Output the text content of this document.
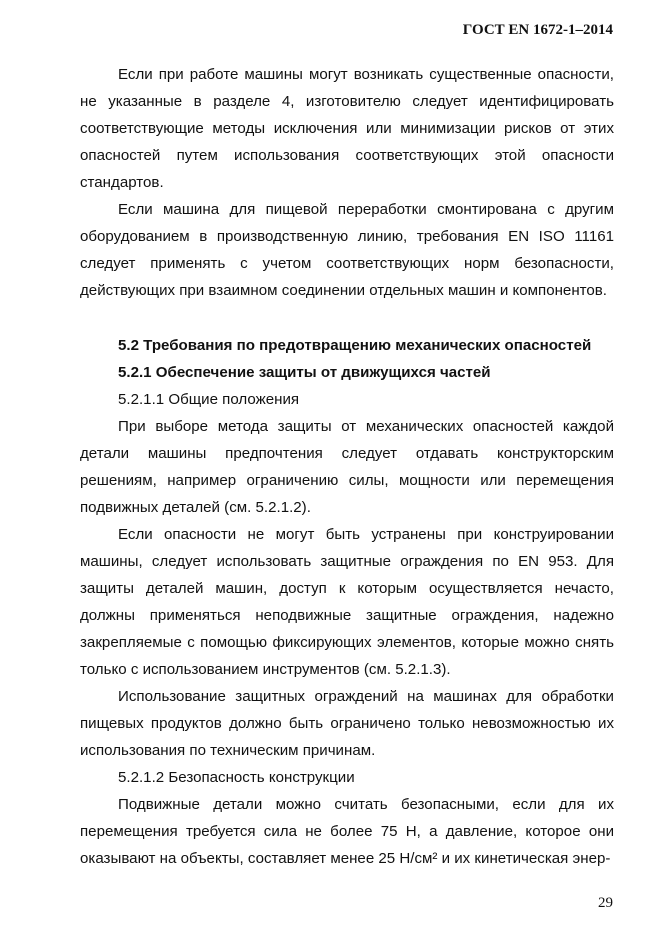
ГОСТ EN 1672-1–2014

Если при работе машины могут возникать существенные опасности, не указанные в разделе 4, изготовителю следует идентифицировать соответствующие методы исключения или минимизации рисков от этих опасностей путем использования соответствующих этой опасности стандартов.

Если машина для пищевой переработки смонтирована с другим оборудованием в производственную линию, требования EN ISO 11161 следует применять с учетом соответствующих норм безопасности, действующих при взаимном соединении отдельных машин и компонентов.

5.2 Требования по предотвращению механических опасностей

5.2.1 Обеспечение защиты от движущихся частей

5.2.1.1 Общие положения

При выборе метода защиты от механических опасностей каждой детали машины предпочтения следует отдавать конструкторским решениям, например ограничению силы, мощности или перемещения подвижных деталей (см. 5.2.1.2).

Если опасности не могут быть устранены при конструировании машины, следует использовать защитные ограждения по EN 953. Для защиты деталей машин, доступ к которым осуществляется нечасто, должны применяться неподвижные защитные ограждения, надежно закрепляемые с помощью фиксирующих элементов, которые можно снять только с использованием инструментов (см. 5.2.1.3).

Использование защитных ограждений на машинах для обработки пищевых продуктов должно быть ограничено только невозможностью их использования по техническим причинам.

5.2.1.2 Безопасность конструкции

Подвижные детали можно считать безопасными, если для их перемещения требуется сила не более 75 Н, а давление, которое они оказывают на объекты, составляет менее 25 Н/см² и их кинетическая энер-

29
